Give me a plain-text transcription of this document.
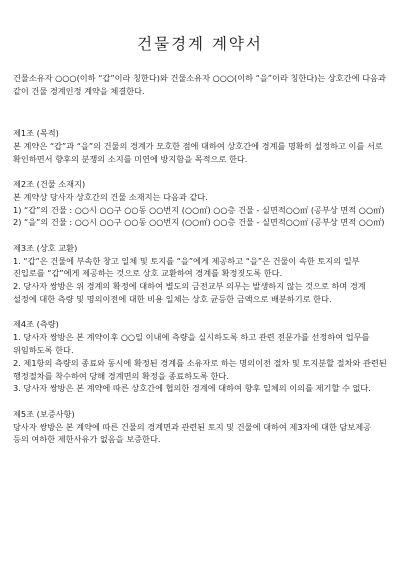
건물경계 계약서

건물소유자 ○○○(이하 “갑”이라 칭한다)와 건물소유자 ○○○(이하 “을”이라 칭한다)는 상호간에 다음과 같이 건물 경계인정 계약을 체결한다.

제1조 (목적)

본 계약은 “갑”과 “을”의 건물의 경계가 모호한 점에 대하여 상호간에 경계를 명확히 설정하고 이를 서로 확인하면서 향후의 분쟁의 소지를 미연에 방지함을 목적으로 한다.

제2조 (건물 소재지)

본 계약상 당사자 상호간의 건물 소재지는 다음과 같다.

1) “갑”의 건물 : ○○시 ○○구 ○○동 ○○번지 (○○㎡) ○○층 건물 - 실면적○○㎡ (공부상 면적 ○○㎡)

2) “을”의 건물 : ○○시 ○○구 ○○동 ○○번지 (○○㎡) ○○층 건물 - 실면적○○㎡ (공부상 면적 ○○㎡)

제3조 (상호 교환)

1. “갑”은 건물에 부속한 창고 일체 및 토지를 “을”에게 제공하고 “을”은 건물이 속한 토지의 일부 진입로를 “갑”에게 제공하는 것으로 상호 교환하여 경계를 확정짓도록 한다.

2. 당사자 쌍방은 위 경계의 확정에 대하여 별도의 금전교부 의무는 발생하지 않는 것으로 하며 경계 설정에 대한 측량 및 명의이전에 대한 비용 일체는 상호 균등한 금액으로 배분하기로 한다.

제4조 (측량)

1. 당사자 쌍방은 본 계약이후 ○○일 이내에 측량을 실시하도록 하고 관련 전문가를 선정하여 업무를 위임하도록 한다.

2. 제1항의 측량의 종료와 동시에 확정된 경계를 소유자로 하는 명의이전 절차 및 토지분할 절차와 관련된 행정절차를 착수하여 당해 경계면의 확정을 종료하도록 한다.

3. 당사자 쌍방은 본 계약에 따른 상호간에 협의한 경계에 대하여 향후 일체의 이의를 제기할 수 없다.

제5조 (보증사항)

당사자 쌍방은 본 계약에 따른 건물의 경계면과 관련된 토지 및 건물에 대하여 제3자에 대한 담보제공 등의 여하한 제한사유가 없음을 보증한다.
